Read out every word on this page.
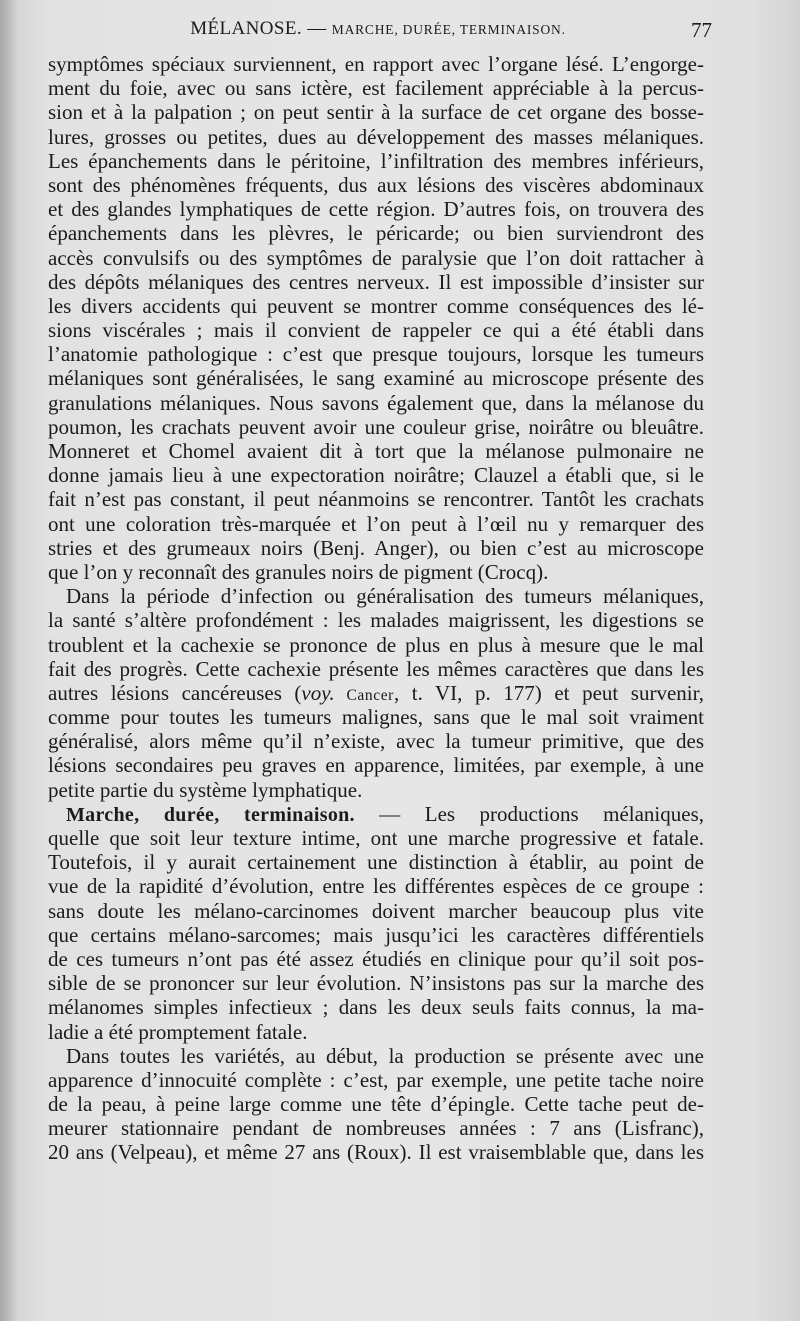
MÉLANOSE. — MARCHE, DURÉE, TERMINAISON.	77
symptômes spéciaux surviennent, en rapport avec l’organe lésé. L’engorge-
ment du foie, avec ou sans ictère, est facilement appréciable à la percus-
sion et à la palpation ; on peut sentir à la surface de cet organe des bosse-
lures, grosses ou petites, dues au développement des masses mélaniques.
Les épanchements dans le péritoine, l’infiltration des membres inférieurs,
sont des phénomènes fréquents, dus aux lésions des viscères abdominaux
et des glandes lymphatiques de cette région. D’autres fois, on trouvera des
épanchements dans les plèvres, le péricarde; ou bien surviendront des
accès convulsifs ou des symptômes de paralysie que l’on doit rattacher à
des dépôts mélaniques des centres nerveux. Il est impossible d’insister sur
les divers accidents qui peuvent se montrer comme conséquences des lé-
sions viscérales ; mais il convient de rappeler ce qui a été établi dans
l’anatomie pathologique : c’est que presque toujours, lorsque les tumeurs
mélaniques sont généralisées, le sang examiné au microscope présente des
granulations mélaniques. Nous savons également que, dans la mélanose du
poumon, les crachats peuvent avoir une couleur grise, noirâtre ou bleuâtre.
Monneret et Chomel avaient dit à tort que la mélanose pulmonaire ne
donne jamais lieu à une expectoration noirâtre; Clauzel a établi que, si le
fait n’est pas constant, il peut néanmoins se rencontrer. Tantôt les crachats
ont une coloration très-marquée et l’on peut à l’œil nu y remarquer des
stries et des grumeaux noirs (Benj. Anger), ou bien c’est au microscope
que l’on y reconnaît des granules noirs de pigment (Crocq).
Dans la période d’infection ou généralisation des tumeurs mélaniques,
la santé s’altère profondément : les malades maigrissent, les digestions se
troublent et la cachexie se prononce de plus en plus à mesure que le mal
fait des progrès. Cette cachexie présente les mêmes caractères que dans les
autres lésions cancéreuses (voy. Cancer, t. VI, p. 177) et peut survenir,
comme pour toutes les tumeurs malignes, sans que le mal soit vraiment
généralisé, alors même qu’il n’existe, avec la tumeur primitive, que des
lésions secondaires peu graves en apparence, limitées, par exemple, à une
petite partie du système lymphatique.
Marche, durée, terminaison. — Les productions mélaniques,
quelle que soit leur texture intime, ont une marche progressive et fatale.
Toutefois, il y aurait certainement une distinction à établir, au point de
vue de la rapidité d’évolution, entre les différentes espèces de ce groupe :
sans doute les mélano-carcinomes doivent marcher beaucoup plus vite
que certains mélano-sarcomes; mais jusqu’ici les caractères différentiels
de ces tumeurs n’ont pas été assez étudiés en clinique pour qu’il soit pos-
sible de se prononcer sur leur évolution. N’insistons pas sur la marche des
mélanomes simples infectieux ; dans les deux seuls faits connus, la ma-
ladie a été promptement fatale.
Dans toutes les variétés, au début, la production se présente avec une
apparence d’innocuité complète : c’est, par exemple, une petite tache noire
de la peau, à peine large comme une tête d’épingle. Cette tache peut de-
meurer stationnaire pendant de nombreuses années : 7 ans (Lisfranc),
20 ans (Velpeau), et même 27 ans (Roux). Il est vraisemblable que, dans les
